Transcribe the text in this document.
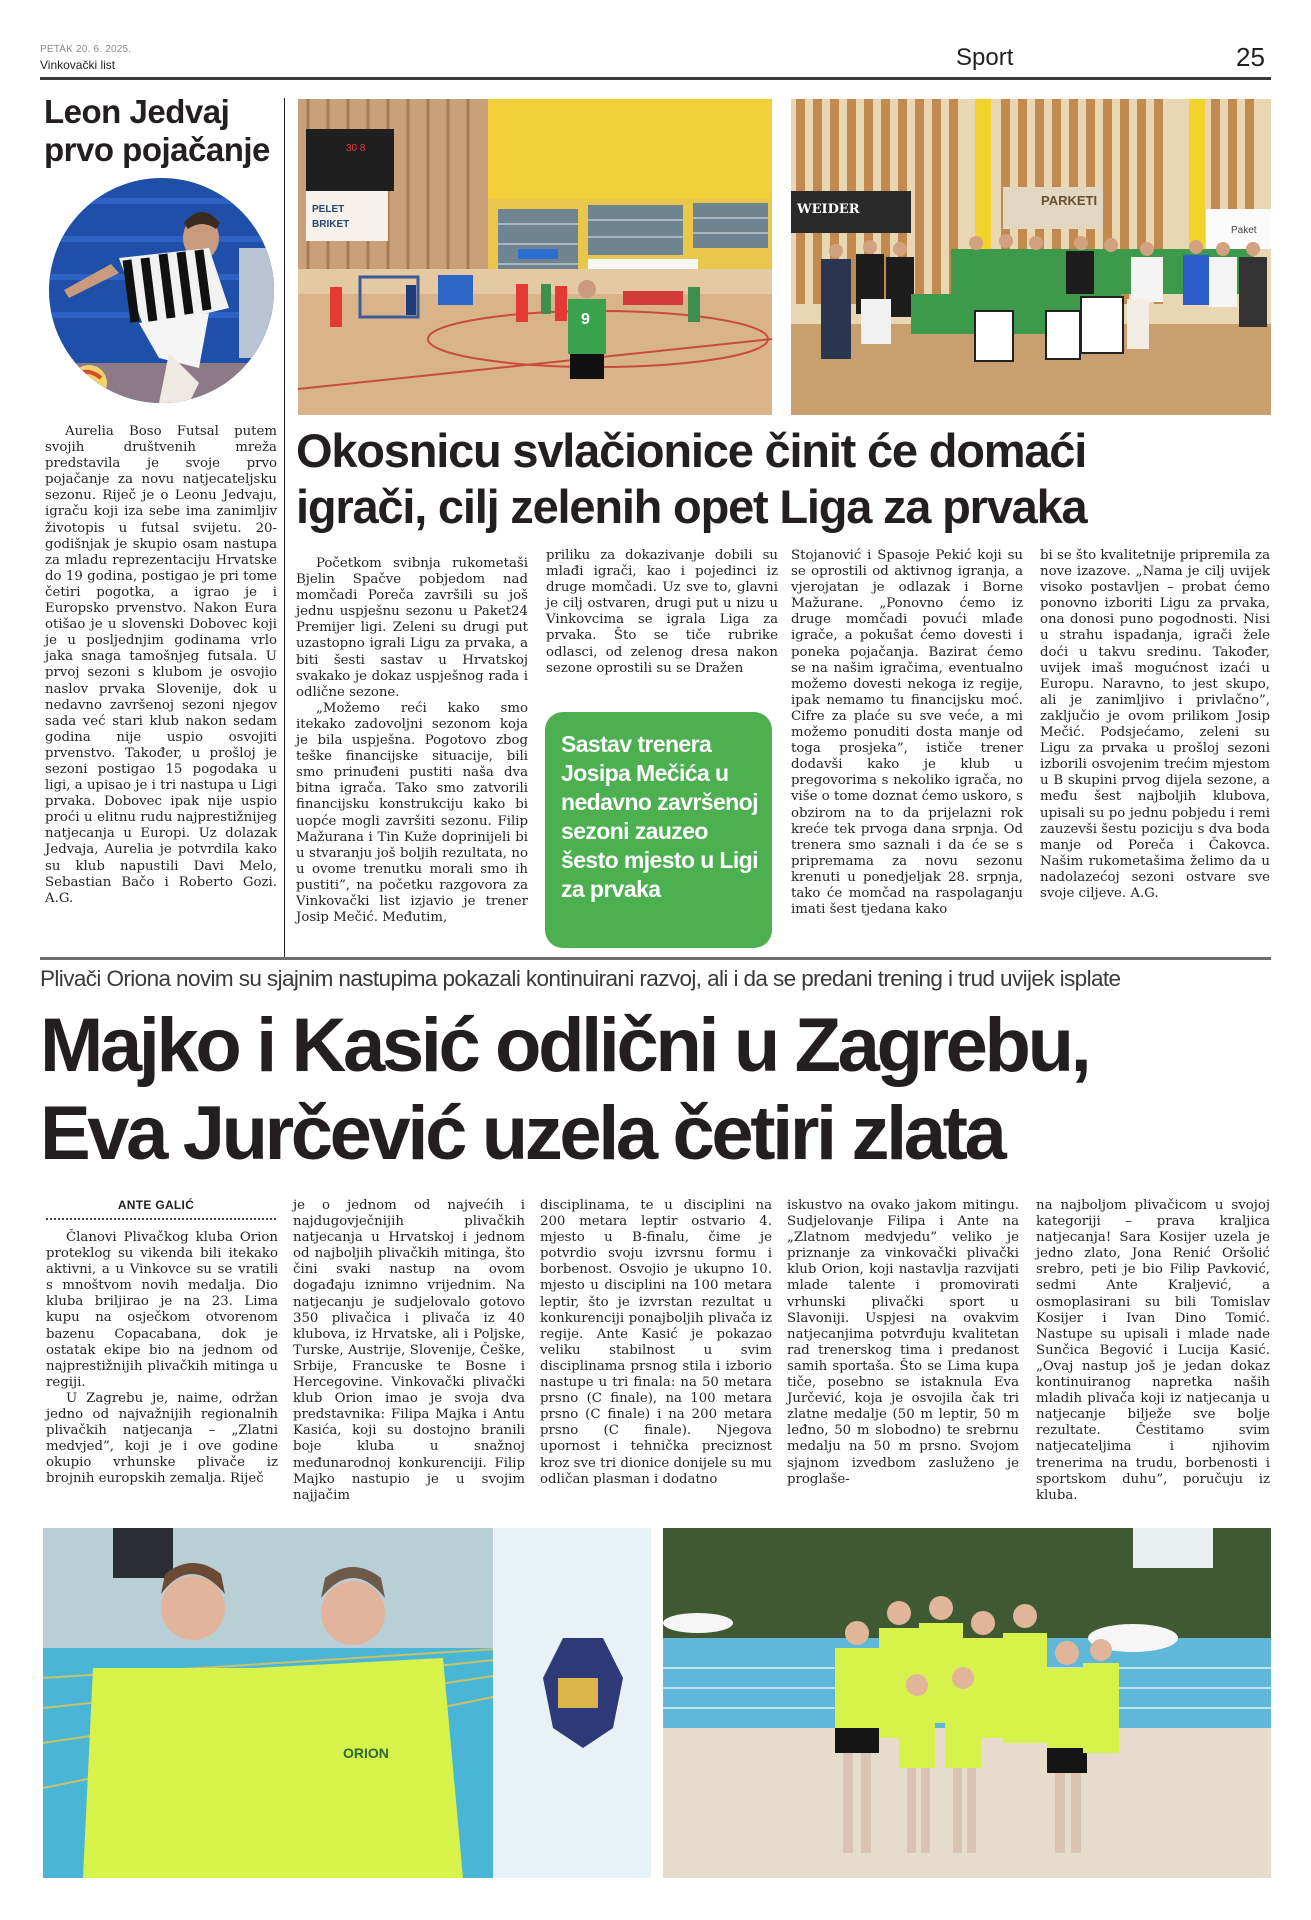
PETAK 20. 6. 2025.
Vinkovački list	Sport	25
Leon Jedvaj
prvo pojačanje

Aurelia Boso Futsal putem svojih društvenih mreža predstavila je svoje prvo pojačanje za novu natjecateljsku sezonu. Riječ je o Leonu Jedvaju, igraču koji iza sebe ima zanimljiv životopis u futsal svijetu. 20-godišnjak je skupio osam nastupa za mladu reprezentaciju Hrvatske do 19 godina, postigao je pri tome četiri pogotka, a igrao je i Europsko prvenstvo. Nakon Eura otišao je u slovenski Dobovec koji je u posljednjim godinama vrlo jaka snaga tamošnjeg futsala. U prvoj sezoni s klubom je osvojio naslov prvaka Slovenije, dok u nedavno završenoj sezoni njegov sada već stari klub nakon sedam godina nije uspio osvojiti prvenstvo. Također, u prošloj je sezoni postigao 15 pogodaka u ligi, a upisao je i tri nastupa u Ligi prvaka. Dobovec ipak nije uspio proći u elitnu rudu najprestižnijeg natjecanja u Europi. Uz dolazak Jedvaja, Aurelia je potvrdila kako su klub napustili Davi Melo, Sebastian Bačo i Roberto Gozi. A.G.

30 8
PELET
BRIKET
9
WEIDER
PARKETI
Paket
Okosnicu svlačionice činit će domaći
igrači, cilj zelenih opet Liga za prvaka

Početkom svibnja rukometaši Bjelin Spačve pobjedom nad momčadi Poreča završili su još jednu uspješnu sezonu u Paket24 Premijer ligi. Zeleni su drugi put uzastopno igrali Ligu za prvaka, a biti šesti sastav u Hrvatskoj svakako je dokaz uspješnog rada i odlične sezone.

„Možemo reći kako smo itekako zadovoljni sezonom koja je bila uspješna. Pogotovo zbog teške financijske situacije, bili smo prinuđeni pustiti naša dva bitna igrača. Tako smo zatvorili financijsku konstrukciju kako bi uopće mogli završiti sezonu. Filip Mažurana i Tin Kuže doprinijeli bi u stvaranju još boljih rezultata, no u ovome trenutku morali smo ih pustiti”, na početku razgovora za Vinkovački list izjavio je trener Josip Mečić. Međutim,

priliku za dokazivanje dobili su mlađi igrači, kao i pojedinci iz druge momčadi. Uz sve to, glavni je cilj ostvaren, drugi put u nizu u Vinkovcima se igrala Liga za prvaka. Što se tiče rubrike odlasci, od zelenog dresa nakon sezone oprostili su se Dražen

Sastav trenera Josipa Mečića u nedavno završenoj sezoni zauzeo šesto mjesto u Ligi za prvaka

Stojanović i Spasoje Pekić koji su se oprostili od aktivnog igranja, a vjerojatan je odlazak i Borne Mažurane. „Ponovno ćemo iz druge momčadi povući mlađe igrače, a pokušat ćemo dovesti i poneka pojačanja. Bazirat ćemo se na našim igračima, eventualno možemo dovesti nekoga iz regije, ipak nemamo tu financijsku moć. Cifre za plaće su sve veće, a mi možemo ponuditi dosta manje od toga prosjeka”, ističe trener dodavši kako je klub u pregovorima s nekoliko igrača, no više o tome doznat ćemo uskoro, s obzirom na to da prijelazni rok kreće tek prvoga dana srpnja. Od trenera smo saznali i da će se s pripremama za novu sezonu krenuti u ponedjeljak 28. srpnja, tako će momčad na raspolaganju imati šest tjedana kako

bi se što kvalitetnije pripremila za nove izazove. „Nama je cilj uvijek visoko postavljen – probat ćemo ponovno izboriti Ligu za prvaka, ona donosi puno pogodnosti. Nisi u strahu ispadanja, igrači žele doći u takvu sredinu. Također, uvijek imaš mogućnost izaći u Europu. Naravno, to jest skupo, ali je zanimljivo i privlačno”, zaključio je ovom prilikom Josip Mečić. Podsjećamo, zeleni su Ligu za prvaka u prošloj sezoni izborili osvojenim trećim mjestom u B skupini prvog dijela sezone, a među šest najboljih klubova, upisali su po jednu pobjedu i remi zauzevši šestu poziciju s dva boda manje od Poreča i Čakovca. Našim rukometašima želimo da u nadolazećoj sezoni ostvare sve svoje ciljeve. A.G.

Plivači Oriona novim su sjajnim nastupima pokazali kontinuirani razvoj, ali i da se predani trening i trud uvijek isplate
Majko i Kasić odlični u Zagrebu,
Eva Jurčević uzela četiri zlata
ANTE GALIĆ

Članovi Plivačkog kluba Orion proteklog su vikenda bili itekako aktivni, a u Vinkovce su se vratili s mnoštvom novih medalja. Dio kluba briljirao je na 23. Lima kupu na osječkom otvorenom bazenu Copacabana, dok je ostatak ekipe bio na jednom od najprestižnijih plivačkih mitinga u regiji.

U Zagrebu je, naime, održan jedno od najvažnijih regionalnih plivačkih natjecanja – „Zlatni medvjed”, koji je i ove godine okupio vrhunske plivače iz brojnih europskih zemalja. Riječ

je o jednom od najvećih i najdugovječnijih plivačkih natjecanja u Hrvatskoj i jednom od najboljih plivačkih mitinga, što čini svaki nastup na ovom događaju iznimno vrijednim. Na natjecanju je sudjelovalo gotovo 350 plivačica i plivača iz 40 klubova, iz Hrvatske, ali i Poljske, Turske, Austrije, Slovenije, Češke, Srbije, Francuske te Bosne i Hercegovine. Vinkovački plivački klub Orion imao je svoja dva predstavnika: Filipa Majka i Antu Kasića, koji su dostojno branili boje kluba u snažnoj međunarodnoj konkurenciji. Filip Majko nastupio je u svojim najjačim

disciplinama, te u disciplini na 200 metara leptir ostvario 4. mjesto u B-finalu, čime je potvrdio svoju izvrsnu formu i borbenost. Osvojio je ukupno 10. mjesto u disciplini na 100 metara leptir, što je izvrstan rezultat u konkurenciji ponajboljih plivača iz regije. Ante Kasić je pokazao veliku stabilnost u svim disciplinama prsnog stila i izborio nastupe u tri finala: na 50 metara prsno (C finale), na 100 metara prsno (C finale) i na 200 metara prsno (C finale). Njegova upornost i tehnička preciznost kroz sve tri dionice donijele su mu odličan plasman i dodatno

iskustvo na ovako jakom mitingu. Sudjelovanje Filipa i Ante na „Zlatnom medvjedu” veliko je priznanje za vinkovački plivački klub Orion, koji nastavlja razvijati mlade talente i promovirati vrhunski plivački sport u Slavoniji. Uspjesi na ovakvim natjecanjima potvrđuju kvalitetan rad trenerskog tima i predanost samih sportaša. Što se Lima kupa tiče, posebno se istaknula Eva Jurčević, koja je osvojila čak tri zlatne medalje (50 m leptir, 50 m leđno, 50 m slobodno) te srebrnu medalju na 50 m prsno. Svojom sjajnom izvedbom zasluženo je proglaše-

na najboljom plivačicom u svojoj kategoriji – prava kraljica natjecanja! Sara Kosijer uzela je jedno zlato, Jona Renić Oršolić srebro, peti je bio Filip Pavković, sedmi Ante Kraljević, a osmoplasirani su bili Tomislav Kosijer i Ivan Dino Tomić. Nastupe su upisali i mlade nade Sunčica Begović i Lucija Kasić. „Ovaj nastup još je jedan dokaz kontinuiranog napretka naših mladih plivača koji iz natjecanja u natjecanje bilježe sve bolje rezultate. Čestitamo svim natjecateljima i njihovim trenerima na trudu, borbenosti i sportskom duhu”, poručuju iz kluba.

ORION
